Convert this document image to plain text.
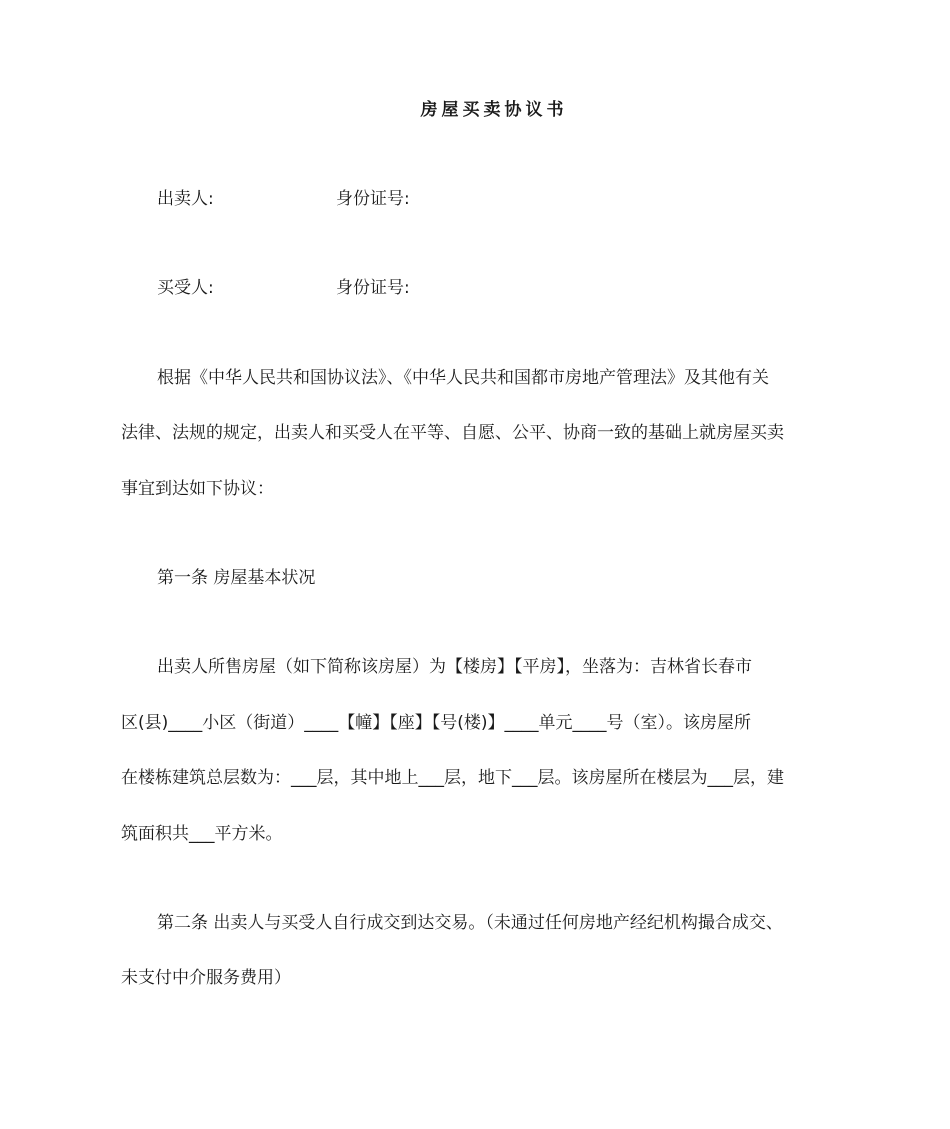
房屋买卖协议书
出卖人:	身份证号:
买受人:	身份证号:
根据《中华人民共和国协议法》、《中华人民共和国都市房地产管理法》及其他有关
法律、法规的规定，出卖人和买受人在平等、自愿、公平、协商一致的基础上就房屋买卖
事宜到达如下协议：
第一条 房屋基本状况
出卖人所售房屋（如下简称该房屋）为【楼房】【平房】，坐落为：吉林省长春市
区(县)____小区（街道）____【幢】【座】【号(楼)】____单元____号（室）。该房屋所
在楼栋建筑总层数为：___层，其中地上___层，地下___层。该房屋所在楼层为___层，建
筑面积共___平方米。
第二条 出卖人与买受人自行成交到达交易。（未通过任何房地产经纪机构撮合成交、
未支付中介服务费用）
